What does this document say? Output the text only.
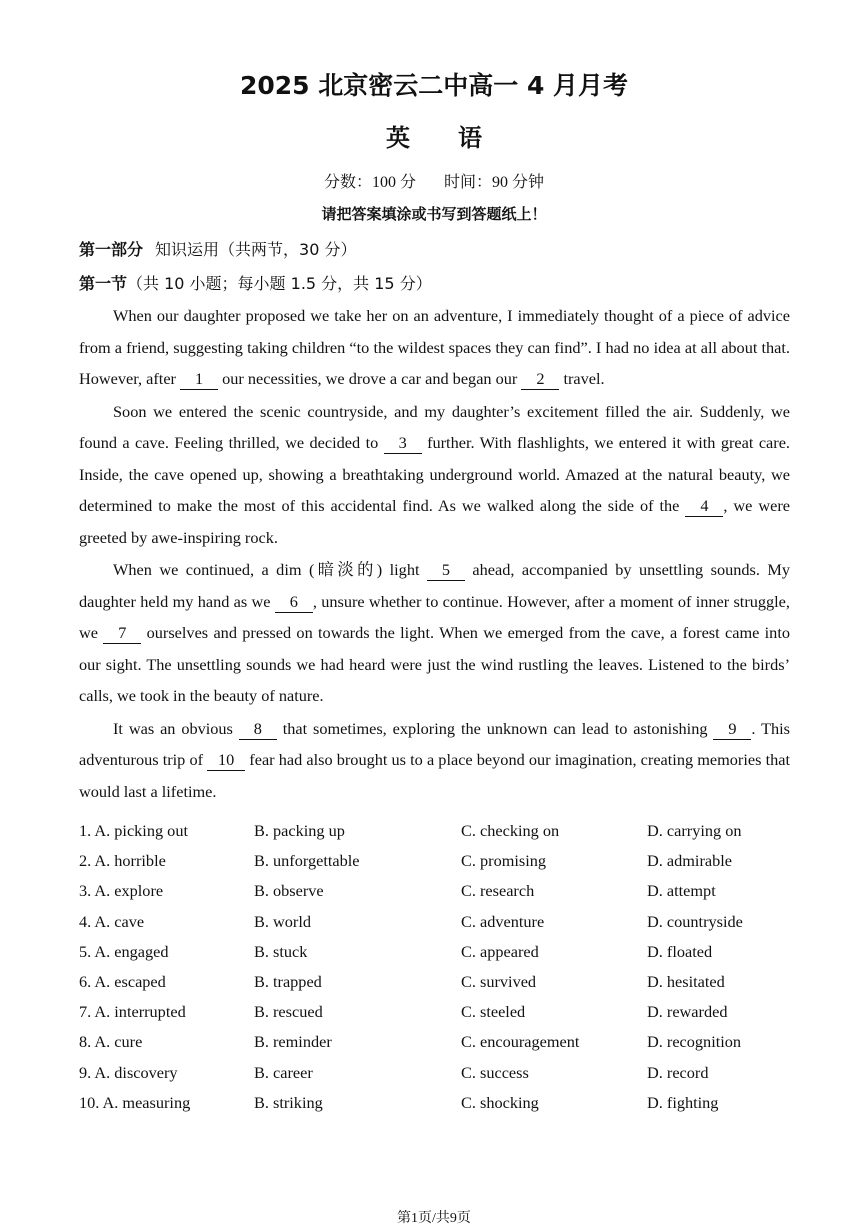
2025 北京密云二中高一 4 月月考
英语
分数：100 分 时间：90 分钟
请把答案填涂或书写到答题纸上！
第一部分 知识运用（共两节，30 分）
第一节（共 10 小题；每小题 1.5 分，共 15 分）

When our daughter proposed we take her on an adventure, I immediately thought of a piece of advice from a friend, suggesting taking children “to the wildest spaces they can find”. I had no idea at all about that. However, after 1 our necessities, we drove a car and began our 2 travel.

Soon we entered the scenic countryside, and my daughter’s excitement filled the air. Suddenly, we found a cave. Feeling thrilled, we decided to 3 further. With flashlights, we entered it with great care. Inside, the cave opened up, showing a breathtaking underground world. Amazed at the natural beauty, we determined to make the most of this accidental find. As we walked along the side of the 4 , we were greeted by awe-inspiring rock.

When we continued, a dim (暗淡的) light 5 ahead, accompanied by unsettling sounds. My daughter held my hand as we 6 , unsure whether to continue. However, after a moment of inner struggle, we 7 ourselves and pressed on towards the light. When we emerged from the cave, a forest came into our sight. The unsettling sounds we had heard were just the wind rustling the leaves. Listened to the birds’ calls, we took in the beauty of nature.

It was an obvious 8 that sometimes, exploring the unknown can lead to astonishing 9 . This adventurous trip of 10 fear had also brought us to a place beyond our imagination, creating memories that would last a lifetime.

1. A. picking out	B. packing up	C. checking on	D. carrying on
2. A. horrible	B. unforgettable	C. promising	D. admirable
3. A. explore	B. observe	C. research	D. attempt
4. A. cave	B. world	C. adventure	D. countryside
5. A. engaged	B. stuck	C. appeared	D. floated
6. A. escaped	B. trapped	C. survived	D. hesitated
7. A. interrupted	B. rescued	C. steeled	D. rewarded
8. A. cure	B. reminder	C. encouragement	D. recognition
9. A. discovery	B. career	C. success	D. record
10. A. measuring	B. striking	C. shocking	D. fighting
第1页/共9页
